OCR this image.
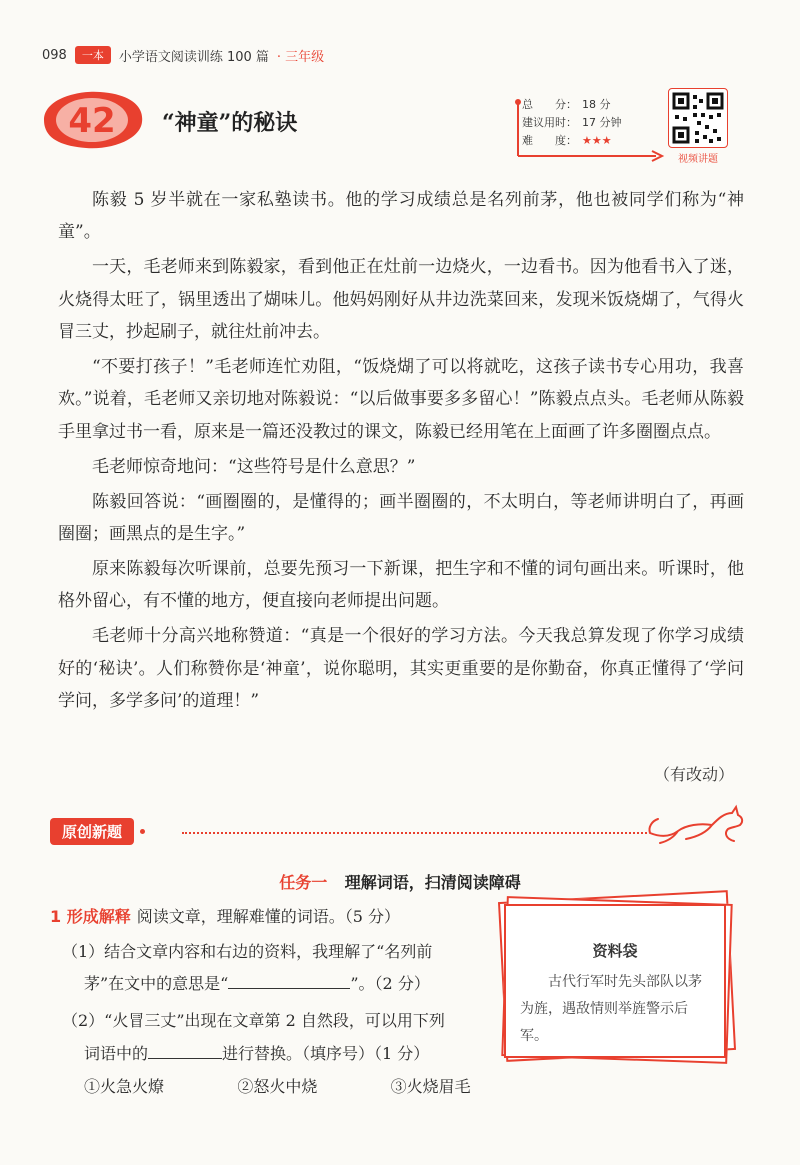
098	一本	小学语文阅读训练 100 篇 · 三年级
42 “神童”的秘诀
总　　分： 18 分
建议用时： 17 分钟
难　　度： ★★★
视频讲题

陈毅 5 岁半就在一家私塾读书。他的学习成绩总是名列前茅，他也被同学们称为“神童”。

一天，毛老师来到陈毅家，看到他正在灶前一边烧火，一边看书。因为他看书入了迷，火烧得太旺了，锅里透出了煳味儿。他妈妈刚好从井边洗菜回来，发现米饭烧煳了，气得火冒三丈，抄起刷子，就往灶前冲去。

“不要打孩子！”毛老师连忙劝阻，“饭烧煳了可以将就吃，这孩子读书专心用功，我喜欢。”说着，毛老师又亲切地对陈毅说：“以后做事要多多留心！”陈毅点点头。毛老师从陈毅手里拿过书一看，原来是一篇还没教过的课文，陈毅已经用笔在上面画了许多圈圈点点。

毛老师惊奇地问：“这些符号是什么意思？”

陈毅回答说：“画圈圈的，是懂得的；画半圈圈的，不太明白，等老师讲明白了，再画圈圈；画黑点的是生字。”

原来陈毅每次听课前，总要先预习一下新课，把生字和不懂的词句画出来。听课时，他格外留心，有不懂的地方，便直接向老师提出问题。

毛老师十分高兴地称赞道：“真是一个很好的学习方法。今天我总算发现了你学习成绩好的‘秘诀’。人们称赞你是‘神童’，说你聪明，其实更重要的是你勤奋，你真正懂得了‘学问学问，多学多问’的道理！”

（有改动）
原创新题
任务一 理解词语，扫清阅读障碍
1 形成解释 阅读文章，理解难懂的词语。（5 分）
（1）结合文章内容和右边的资料，我理解了“名列前
茅”在文中的意思是“	”。（2 分）
（2）“火冒三丈”出现在文章第 2 自然段，可以用下列
词语中的	进行替换。（填序号）（1 分）
①火急火燎	②怒火中烧	③火烧眉毛
资料袋
古代行军时先头部队以茅为旌，遇敌情则举旌警示后军。
